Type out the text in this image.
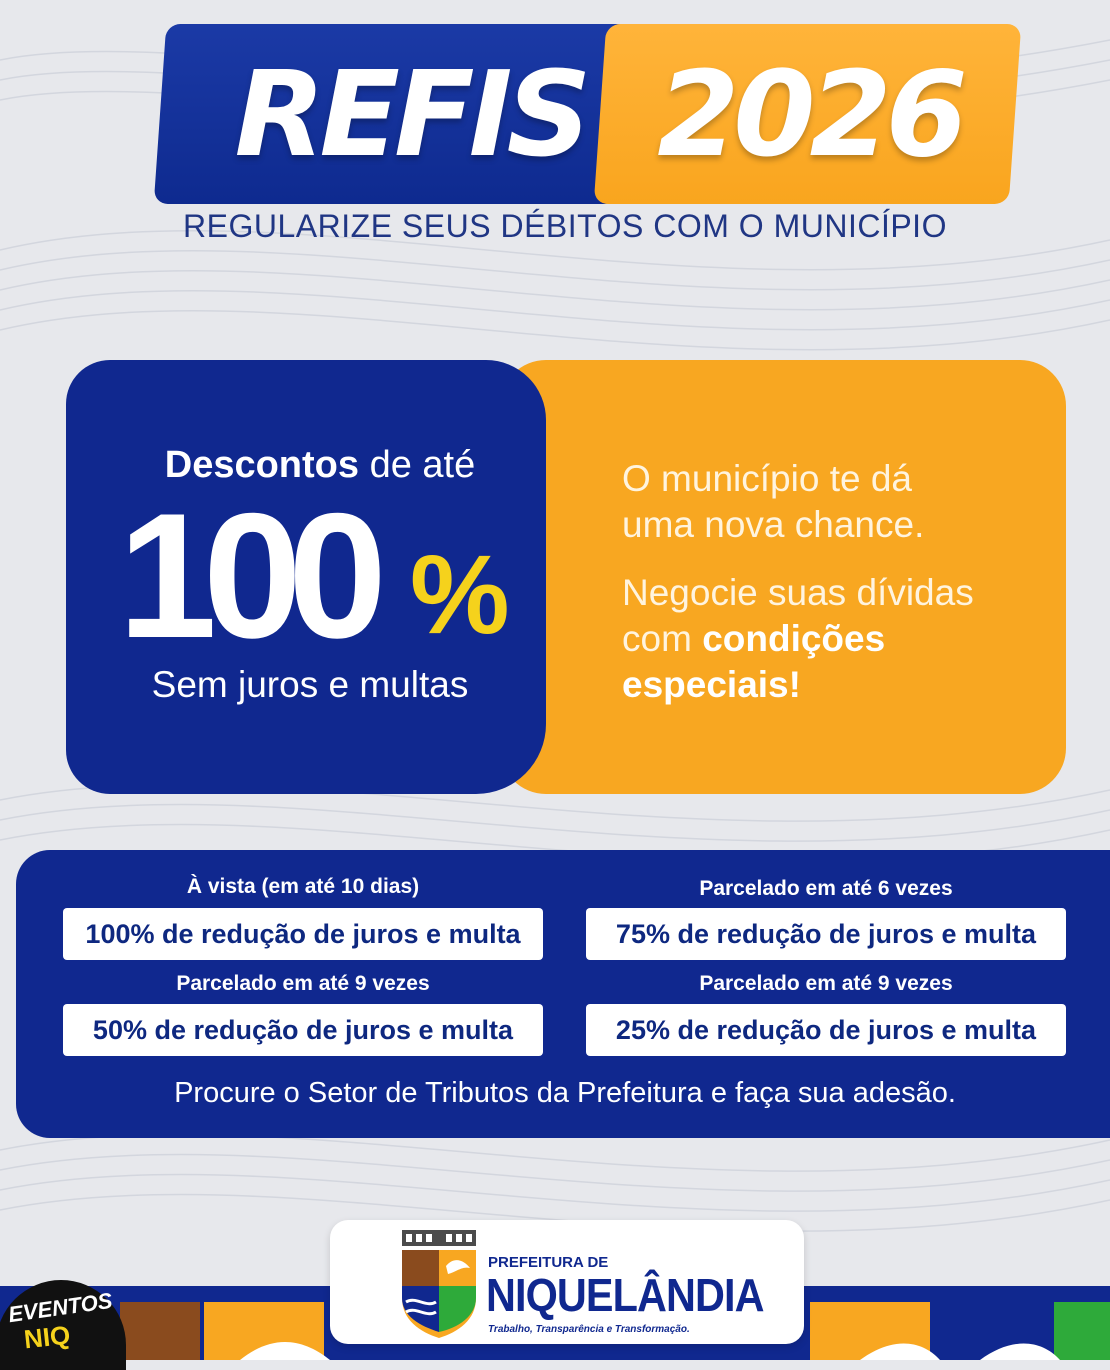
REFIS 2026
REGULARIZE SEUS DÉBITOS COM O MUNICÍPIO
Descontos de até
100 %
Sem juros e multas
O município te dá
uma nova chance.
Negocie suas dívidas
com condições
especiais!
À vista (em até 10 dias)
100% de redução de juros e multa
Parcelado em até 6 vezes
75% de redução de juros e multa
Parcelado em até 9 vezes
50% de redução de juros e multa
Parcelado em até 9 vezes
25% de redução de juros e multa
Procure o Setor de Tributos da Prefeitura e faça sua adesão.
EVENTOS
NIQ
PREFEITURA DE
NIQUELÂNDIA
Trabalho, Transparência e Transformação.
